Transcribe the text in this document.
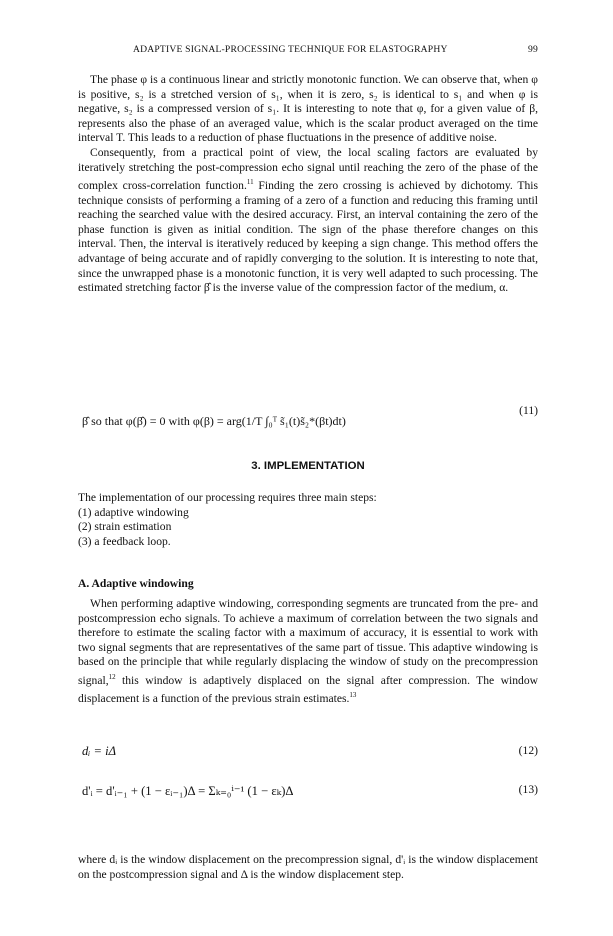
ADAPTIVE SIGNAL-PROCESSING TECHNIQUE FOR ELASTOGRAPHY	99

The phase φ is a continuous linear and strictly monotonic function. We can observe that, when φ is positive, s₂ is a stretched version of s₁, when it is zero, s₂ is identical to s₁ and when φ is negative, s₂ is a compressed version of s₁. It is interesting to note that φ, for a given value of β, represents also the phase of an averaged value, which is the scalar product averaged on the time interval T. This leads to a reduction of phase fluctuations in the presence of additive noise.

Consequently, from a practical point of view, the local scaling factors are evaluated by iteratively stretching the post-compression echo signal until reaching the zero of the phase of the complex cross-correlation function.$^{11}$ Finding the zero crossing is achieved by dichotomy. This technique consists of performing a framing of a zero of a function and reducing this framing until reaching the searched value with the desired accuracy. First, an interval containing the zero of the phase function is given as initial condition. The sign of the phase therefore changes on this interval. Then, the interval is iteratively reduced by keeping a sign change. This method offers the advantage of being accurate and of rapidly converging to the solution. It is interesting to note that, since the unwrapped phase is a monotonic function, it is very well adapted to such processing. The estimated stretching factor β̂ is the inverse value of the compression factor of the medium, α.

β̂ so that φ(β̂) = 0 with φ(β) = arg(1/T ∫₀ᵀ s̃₁(t)s̃₂*(βt)dt)
(11)
3. IMPLEMENTATION
The implementation of our processing requires three main steps:
(1) adaptive windowing
(2) strain estimation
(3) a feedback loop.
A. Adaptive windowing

When performing adaptive windowing, corresponding segments are truncated from the pre- and postcompression echo signals. To achieve a maximum of correlation between the two signals and therefore to estimate the scaling factor with a maximum of accuracy, it is essential to work with two signal segments that are representatives of the same part of tissue. This adaptive windowing is based on the principle that while regularly displacing the window of study on the precompression signal,$^{12}$ this window is adaptively displaced on the signal after compression. The window displacement is a function of the previous strain estimates.$^{13}$

dᵢ = iΔ	(12)
d'ᵢ = d'ᵢ₋₁ + (1 − εᵢ₋₁)Δ = Σₖ₌₀ⁱ⁻¹ (1 − εₖ)Δ	(13)
where dᵢ is the window displacement on the precompression signal, d'ᵢ is the window displacement on the postcompression signal and Δ is the window displacement step.
